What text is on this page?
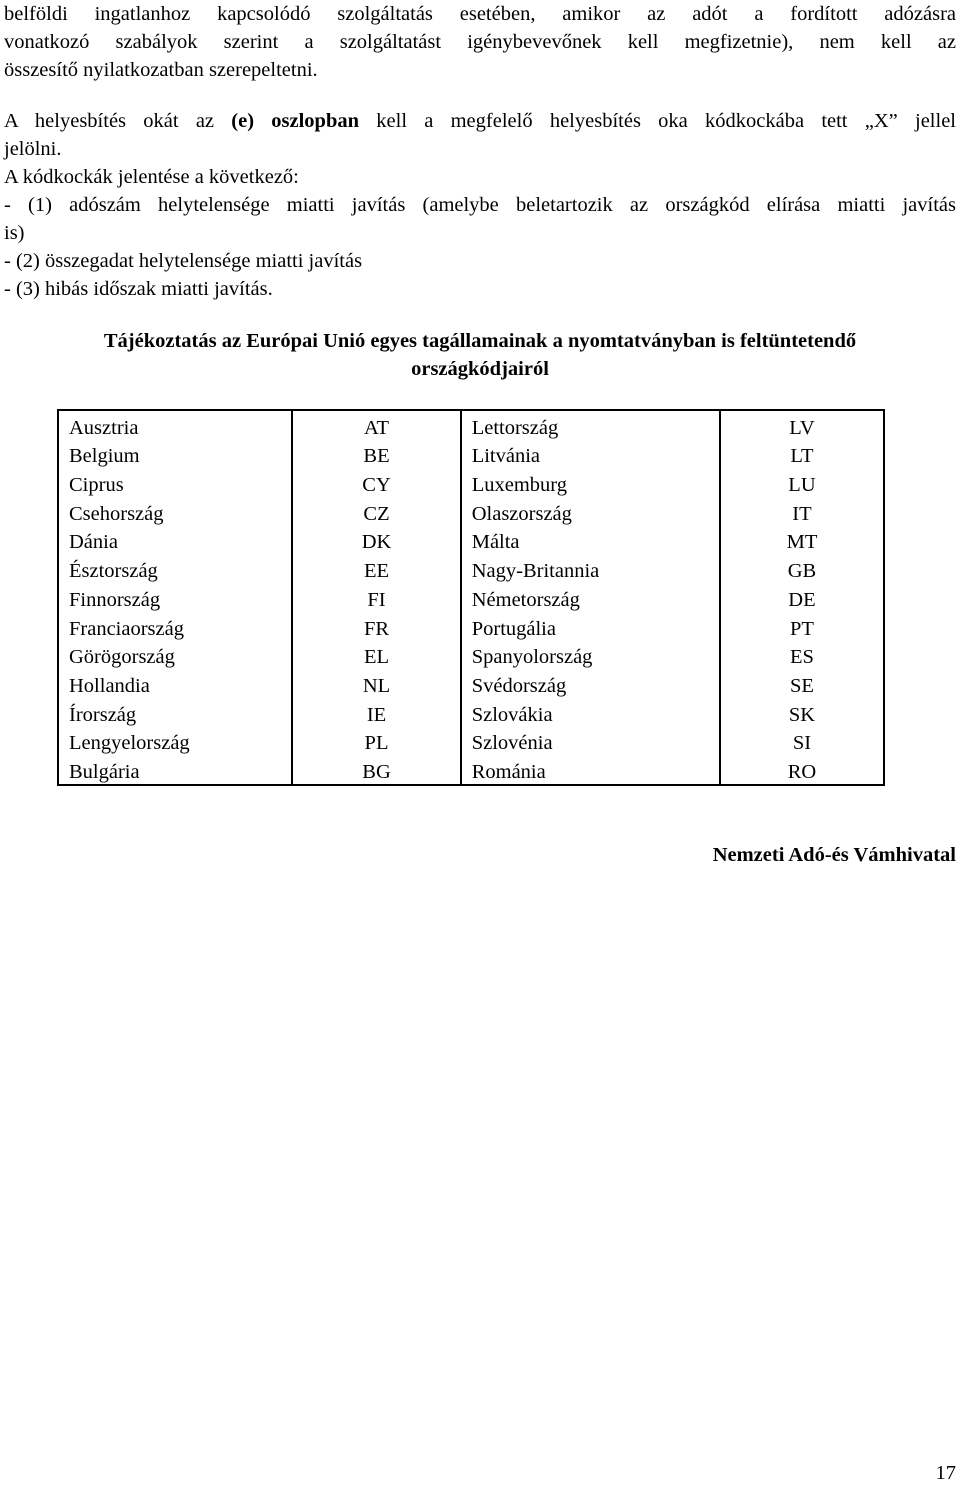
belföldi ingatlanhoz kapcsolódó szolgáltatás esetében, amikor az adót a fordított adózásra
vonatkozó szabályok szerint a szolgáltatást igénybevevőnek kell megfizetnie), nem kell az
összesítő nyilatkozatban szerepeltetni.
A helyesbítés okát az (e) oszlopban kell a megfelelő helyesbítés oka kódkockába tett „X” jellel
jelölni.
A kódkockák jelentése a következő:
- (1) adószám helytelensége miatti javítás (amelybe beletartozik az országkód elírása miatti javítás
is)
- (2) összegadat helytelensége miatti javítás
- (3) hibás időszak miatti javítás.
Tájékoztatás az Európai Unió egyes tagállamainak a nyomtatványban is feltüntetendő
országkódjairól
Ausztria	AT	Lettország	LV
Belgium	BE	Litvánia	LT
Ciprus	CY	Luxemburg	LU
Csehország	CZ	Olaszország	IT
Dánia	DK	Málta	MT
Észtország	EE	Nagy-Britannia	GB
Finnország	FI	Németország	DE
Franciaország	FR	Portugália	PT
Görögország	EL	Spanyolország	ES
Hollandia	NL	Svédország	SE
Írország	IE	Szlovákia	SK
Lengyelország	PL	Szlovénia	SI
Bulgária	BG	Románia	RO

Nemzeti Adó-és Vámhivatal

17
